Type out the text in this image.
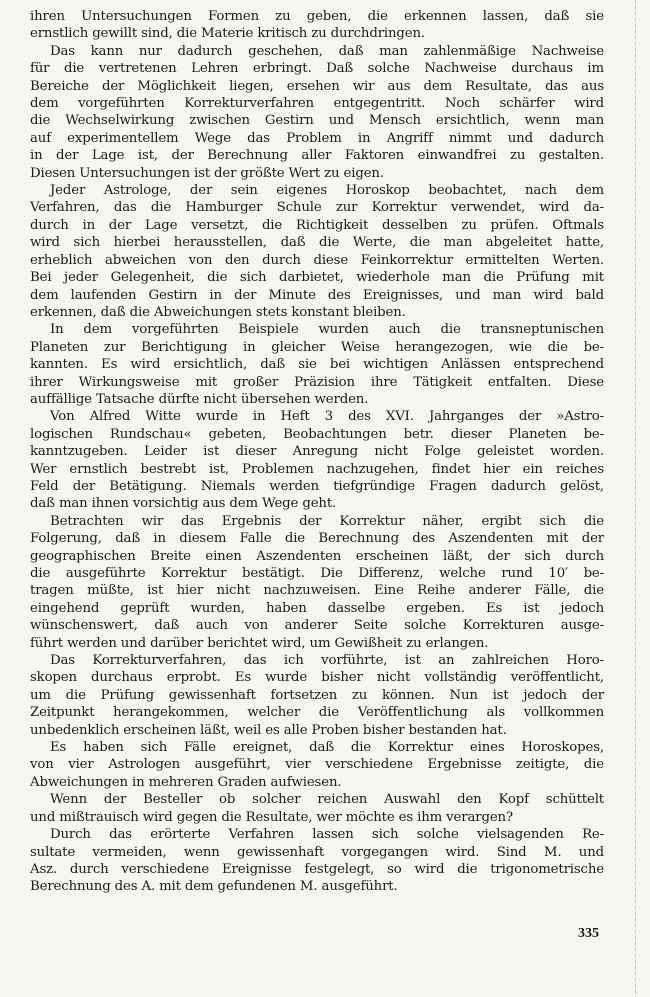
ihren Untersuchungen Formen zu geben, die erkennen lassen, daß sie

ernstlich gewillt sind, die Materie kritisch zu durchdringen.

Das kann nur dadurch geschehen, daß man zahlenmäßige Nachweise

für die vertretenen Lehren erbringt. Daß solche Nachweise durchaus im

Bereiche der Möglichkeit liegen, ersehen wir aus dem Resultate, das aus

dem vorgeführten Korrekturverfahren entgegentritt. Noch schärfer wird

die Wechselwirkung zwischen Gestirn und Mensch ersichtlich, wenn man

auf experimentellem Wege das Problem in Angriff nimmt und dadurch

in der Lage ist, der Berechnung aller Faktoren einwandfrei zu gestalten.

Diesen Untersuchungen ist der größte Wert zu eigen.

Jeder Astrologe, der sein eigenes Horoskop beobachtet, nach dem

Verfahren, das die Hamburger Schule zur Korrektur verwendet, wird da-

durch in der Lage versetzt, die Richtigkeit desselben zu prüfen. Oftmals

wird sich hierbei herausstellen, daß die Werte, die man abgeleitet hatte,

erheblich abweichen von den durch diese Feinkorrektur ermittelten Werten.

Bei jeder Gelegenheit, die sich darbietet, wiederhole man die Prüfung mit

dem laufenden Gestirn in der Minute des Ereignisses, und man wird bald

erkennen, daß die Abweichungen stets konstant bleiben.

In dem vorgeführten Beispiele wurden auch die transneptunischen

Planeten zur Berichtigung in gleicher Weise herangezogen, wie die be-

kannten. Es wird ersichtlich, daß sie bei wichtigen Anlässen entsprechend

ihrer Wirkungsweise mit großer Präzision ihre Tätigkeit entfalten. Diese

auffällige Tatsache dürfte nicht übersehen werden.

Von Alfred Witte wurde in Heft 3 des XVI. Jahrganges der »Astro-

logischen Rundschau« gebeten, Beobachtungen betr. dieser Planeten be-

kanntzugeben. Leider ist dieser Anregung nicht Folge geleistet worden.

Wer ernstlich bestrebt ist, Problemen nachzugehen, findet hier ein reiches

Feld der Betätigung. Niemals werden tiefgründige Fragen dadurch gelöst,

daß man ihnen vorsichtig aus dem Wege geht.

Betrachten wir das Ergebnis der Korrektur näher, ergibt sich die

Folgerung, daß in diesem Falle die Berechnung des Aszendenten mit der

geographischen Breite einen Aszendenten erscheinen läßt, der sich durch

die ausgeführte Korrektur bestätigt. Die Differenz, welche rund 10′ be-

tragen müßte, ist hier nicht nachzuweisen. Eine Reihe anderer Fälle, die

eingehend geprüft wurden, haben dasselbe ergeben. Es ist jedoch

wünschenswert, daß auch von anderer Seite solche Korrekturen ausge-

führt werden und darüber berichtet wird, um Gewißheit zu erlangen.

Das Korrekturverfahren, das ich vorführte, ist an zahlreichen Horo-

skopen durchaus erprobt. Es wurde bisher nicht vollständig veröffentlicht,

um die Prüfung gewissenhaft fortsetzen zu können. Nun ist jedoch der

Zeitpunkt herangekommen, welcher die Veröffentlichung als vollkommen

unbedenklich erscheinen läßt, weil es alle Proben bisher bestanden hat.

Es haben sich Fälle ereignet, daß die Korrektur eines Horoskopes,

von vier Astrologen ausgeführt, vier verschiedene Ergebnisse zeitigte, die

Abweichungen in mehreren Graden aufwiesen.

Wenn der Besteller ob solcher reichen Auswahl den Kopf schüttelt

und mißtrauisch wird gegen die Resultate, wer möchte es ihm verargen?

Durch das erörterte Verfahren lassen sich solche vielsagenden Re-

sultate vermeiden, wenn gewissenhaft vorgegangen wird. Sind M. und

Asz. durch verschiedene Ereignisse festgelegt, so wird die trigonometrische

Berechnung des A. mit dem gefundenen M. ausgeführt.

335
